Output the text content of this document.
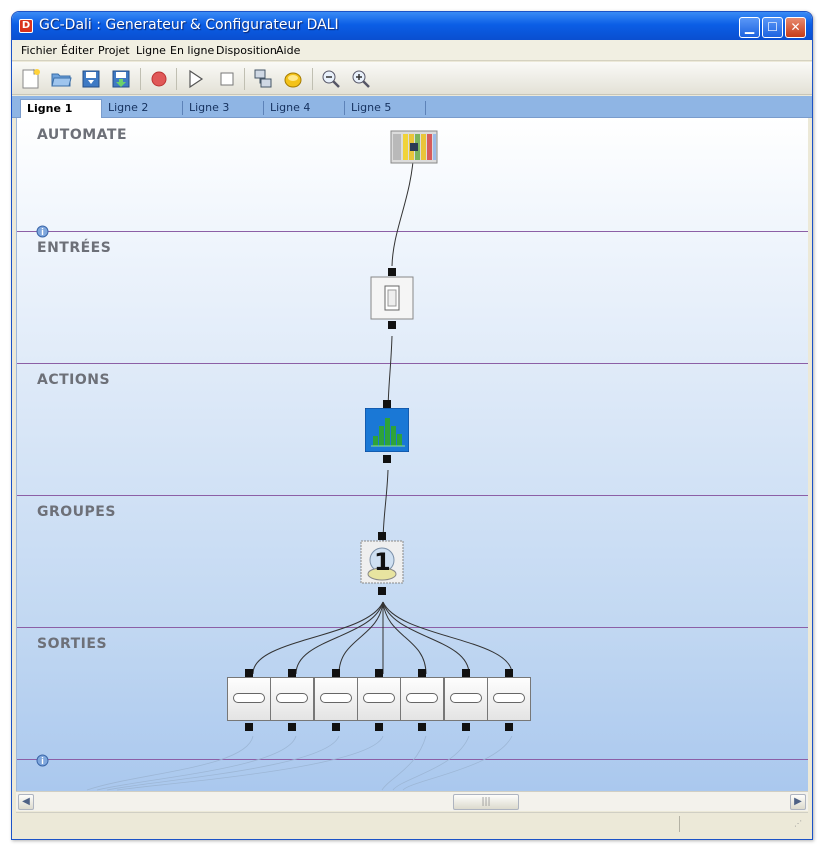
D GC-Dali : Generateur & Configurateur DALI	▁	☐	✕
Fichier Éditer Projet Ligne En ligne Disposition Aide
Ligne 1	Ligne 2	Ligne 3	Ligne 4	Ligne 5
AUTOMATE
ENTRÉES
ACTIONS
GROUPES
SORTIES
1
◀	|||	▶
⋰
